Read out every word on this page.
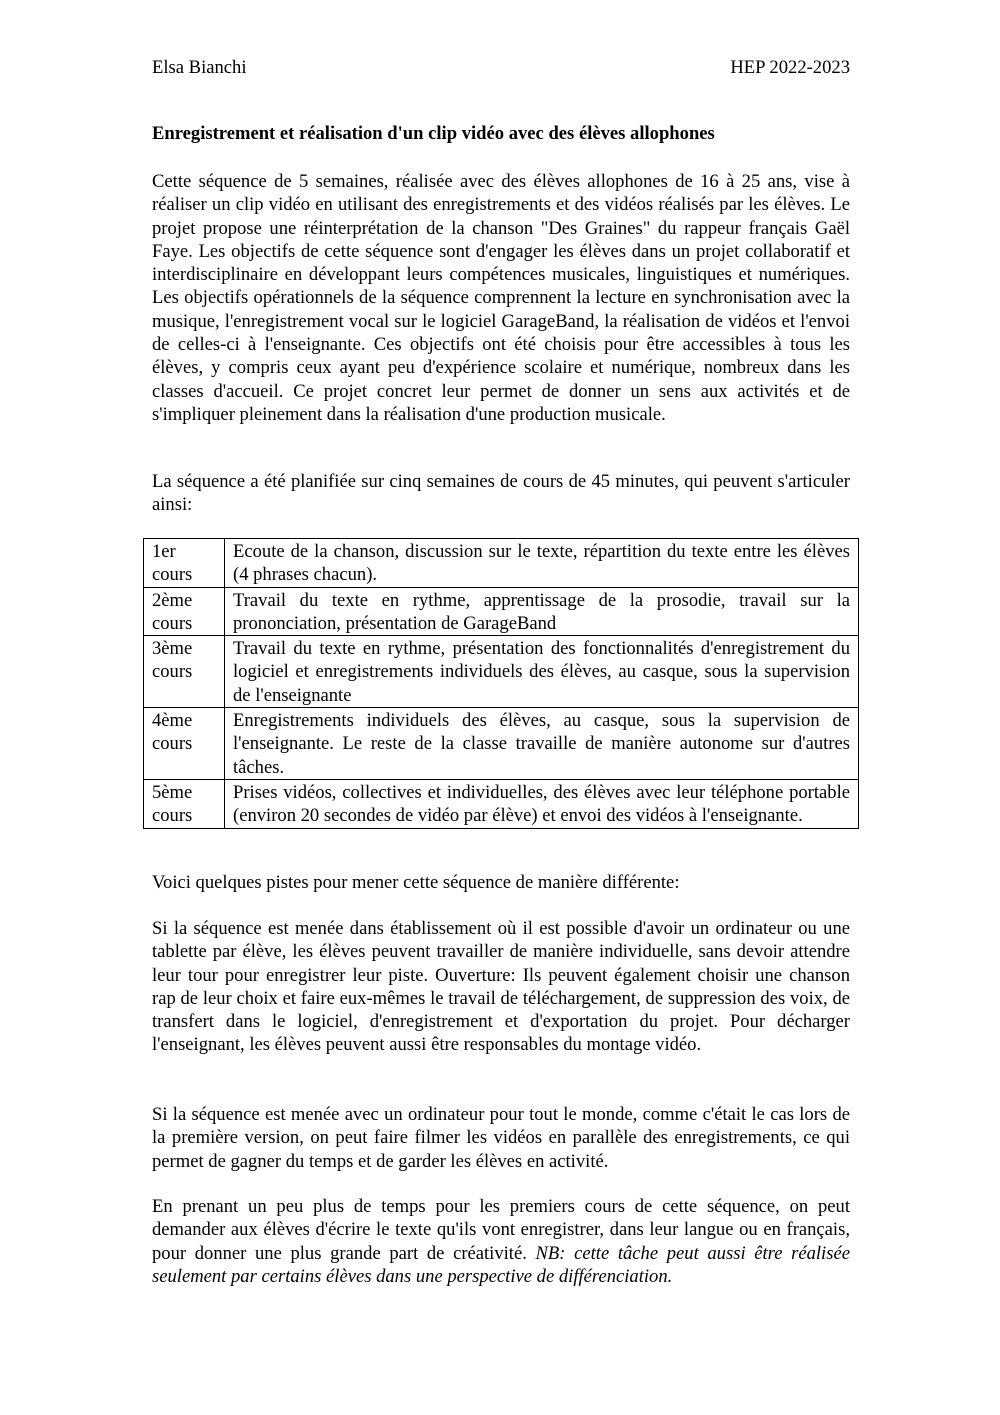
Elsa Bianchi	HEP 2022-2023
Enregistrement et réalisation d'un clip vidéo avec des élèves allophones

Cette séquence de 5 semaines, réalisée avec des élèves allophones de 16 à 25 ans, vise à réaliser un clip vidéo en utilisant des enregistrements et des vidéos réalisés par les élèves. Le projet propose une réinterprétation de la chanson "Des Graines" du rappeur français Gaël Faye. Les objectifs de cette séquence sont d'engager les élèves dans un projet collaboratif et interdisciplinaire en développant leurs compétences musicales, linguistiques et numériques. Les objectifs opérationnels de la séquence comprennent la lecture en synchronisation avec la musique, l'enregistrement vocal sur le logiciel GarageBand, la réalisation de vidéos et l'envoi de celles-ci à l'enseignante. Ces objectifs ont été choisis pour être accessibles à tous les élèves, y compris ceux ayant peu d'expérience scolaire et numérique, nombreux dans les classes d'accueil. Ce projet concret leur permet de donner un sens aux activités et de s'impliquer pleinement dans la réalisation d'une production musicale.

La séquence a été planifiée sur cinq semaines de cours de 45 minutes, qui peuvent s'articuler ainsi:

1er cours	Ecoute de la chanson, discussion sur le texte, répartition du texte entre les élèves (4 phrases chacun).
2ème cours	Travail du texte en rythme, apprentissage de la prosodie, travail sur la prononciation, présentation de GarageBand
3ème cours	Travail du texte en rythme, présentation des fonctionnalités d'enregistrement du logiciel et enregistrements individuels des élèves, au casque, sous la supervision de l'enseignante
4ème cours	Enregistrements individuels des élèves, au casque, sous la supervision de l'enseignante. Le reste de la classe travaille de manière autonome sur d'autres tâches.
5ème cours	Prises vidéos, collectives et individuelles, des élèves avec leur téléphone portable (environ 20 secondes de vidéo par élève) et envoi des vidéos à l'enseignante.

Voici quelques pistes pour mener cette séquence de manière différente:

Si la séquence est menée dans établissement où il est possible d'avoir un ordinateur ou une tablette par élève, les élèves peuvent travailler de manière individuelle, sans devoir attendre leur tour pour enregistrer leur piste. Ouverture: Ils peuvent également choisir une chanson rap de leur choix et faire eux-mêmes le travail de téléchargement, de suppression des voix, de transfert dans le logiciel, d'enregistrement et d'exportation du projet. Pour décharger l'enseignant, les élèves peuvent aussi être responsables du montage vidéo.

Si la séquence est menée avec un ordinateur pour tout le monde, comme c'était le cas lors de la première version, on peut faire filmer les vidéos en parallèle des enregistrements, ce qui permet de gagner du temps et de garder les élèves en activité.

En prenant un peu plus de temps pour les premiers cours de cette séquence, on peut demander aux élèves d'écrire le texte qu'ils vont enregistrer, dans leur langue ou en français, pour donner une plus grande part de créativité. NB: cette tâche peut aussi être réalisée seulement par certains élèves dans une perspective de différenciation.
